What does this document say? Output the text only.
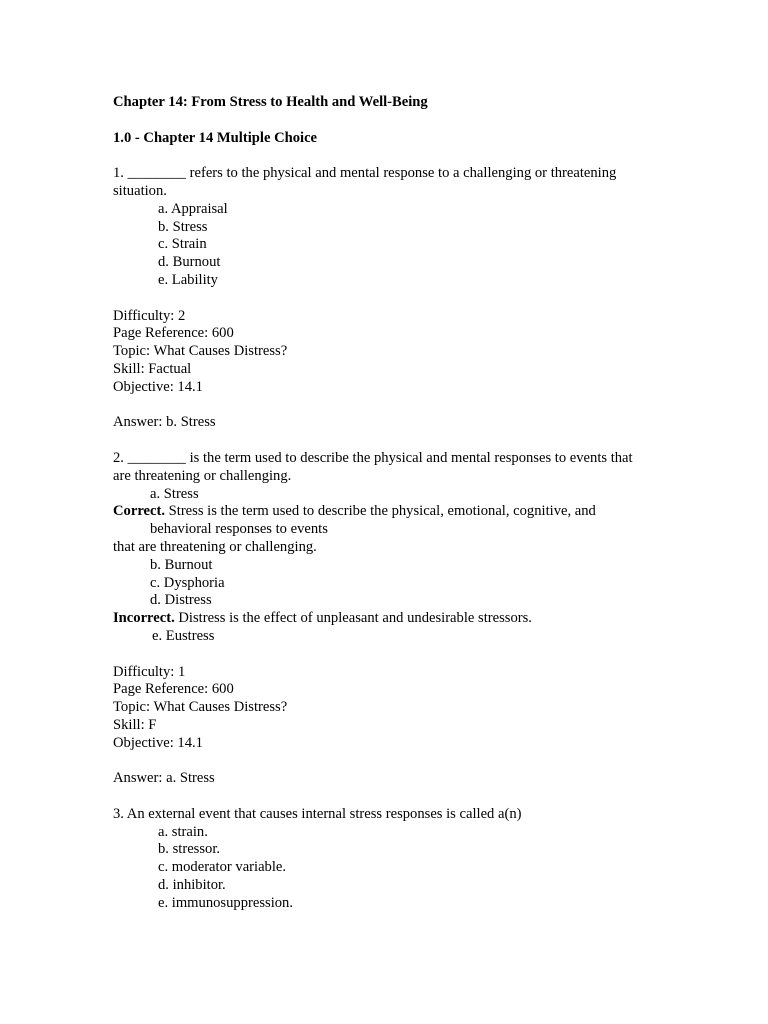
Chapter 14: From Stress to Health and Well-Being
1.0 - Chapter 14 Multiple Choice
1. ________ refers to the physical and mental response to a challenging or threatening
situation.
a. Appraisal
b. Stress
c. Strain
d. Burnout
e. Lability
Difficulty: 2
Page Reference: 600
Topic: What Causes Distress?
Skill: Factual
Objective: 14.1
Answer: b. Stress
2. ________ is the term used to describe the physical and mental responses to events that
are threatening or challenging.
a. Stress
Correct. Stress is the term used to describe the physical, emotional, cognitive, and
behavioral responses to events
that are threatening or challenging.
b. Burnout
c. Dysphoria
d. Distress
Incorrect. Distress is the effect of unpleasant and undesirable stressors.
e. Eustress
Difficulty: 1
Page Reference: 600
Topic: What Causes Distress?
Skill: F
Objective: 14.1
Answer: a. Stress
3. An external event that causes internal stress responses is called a(n)
a. strain.
b. stressor.
c. moderator variable.
d. inhibitor.
e. immunosuppression.
